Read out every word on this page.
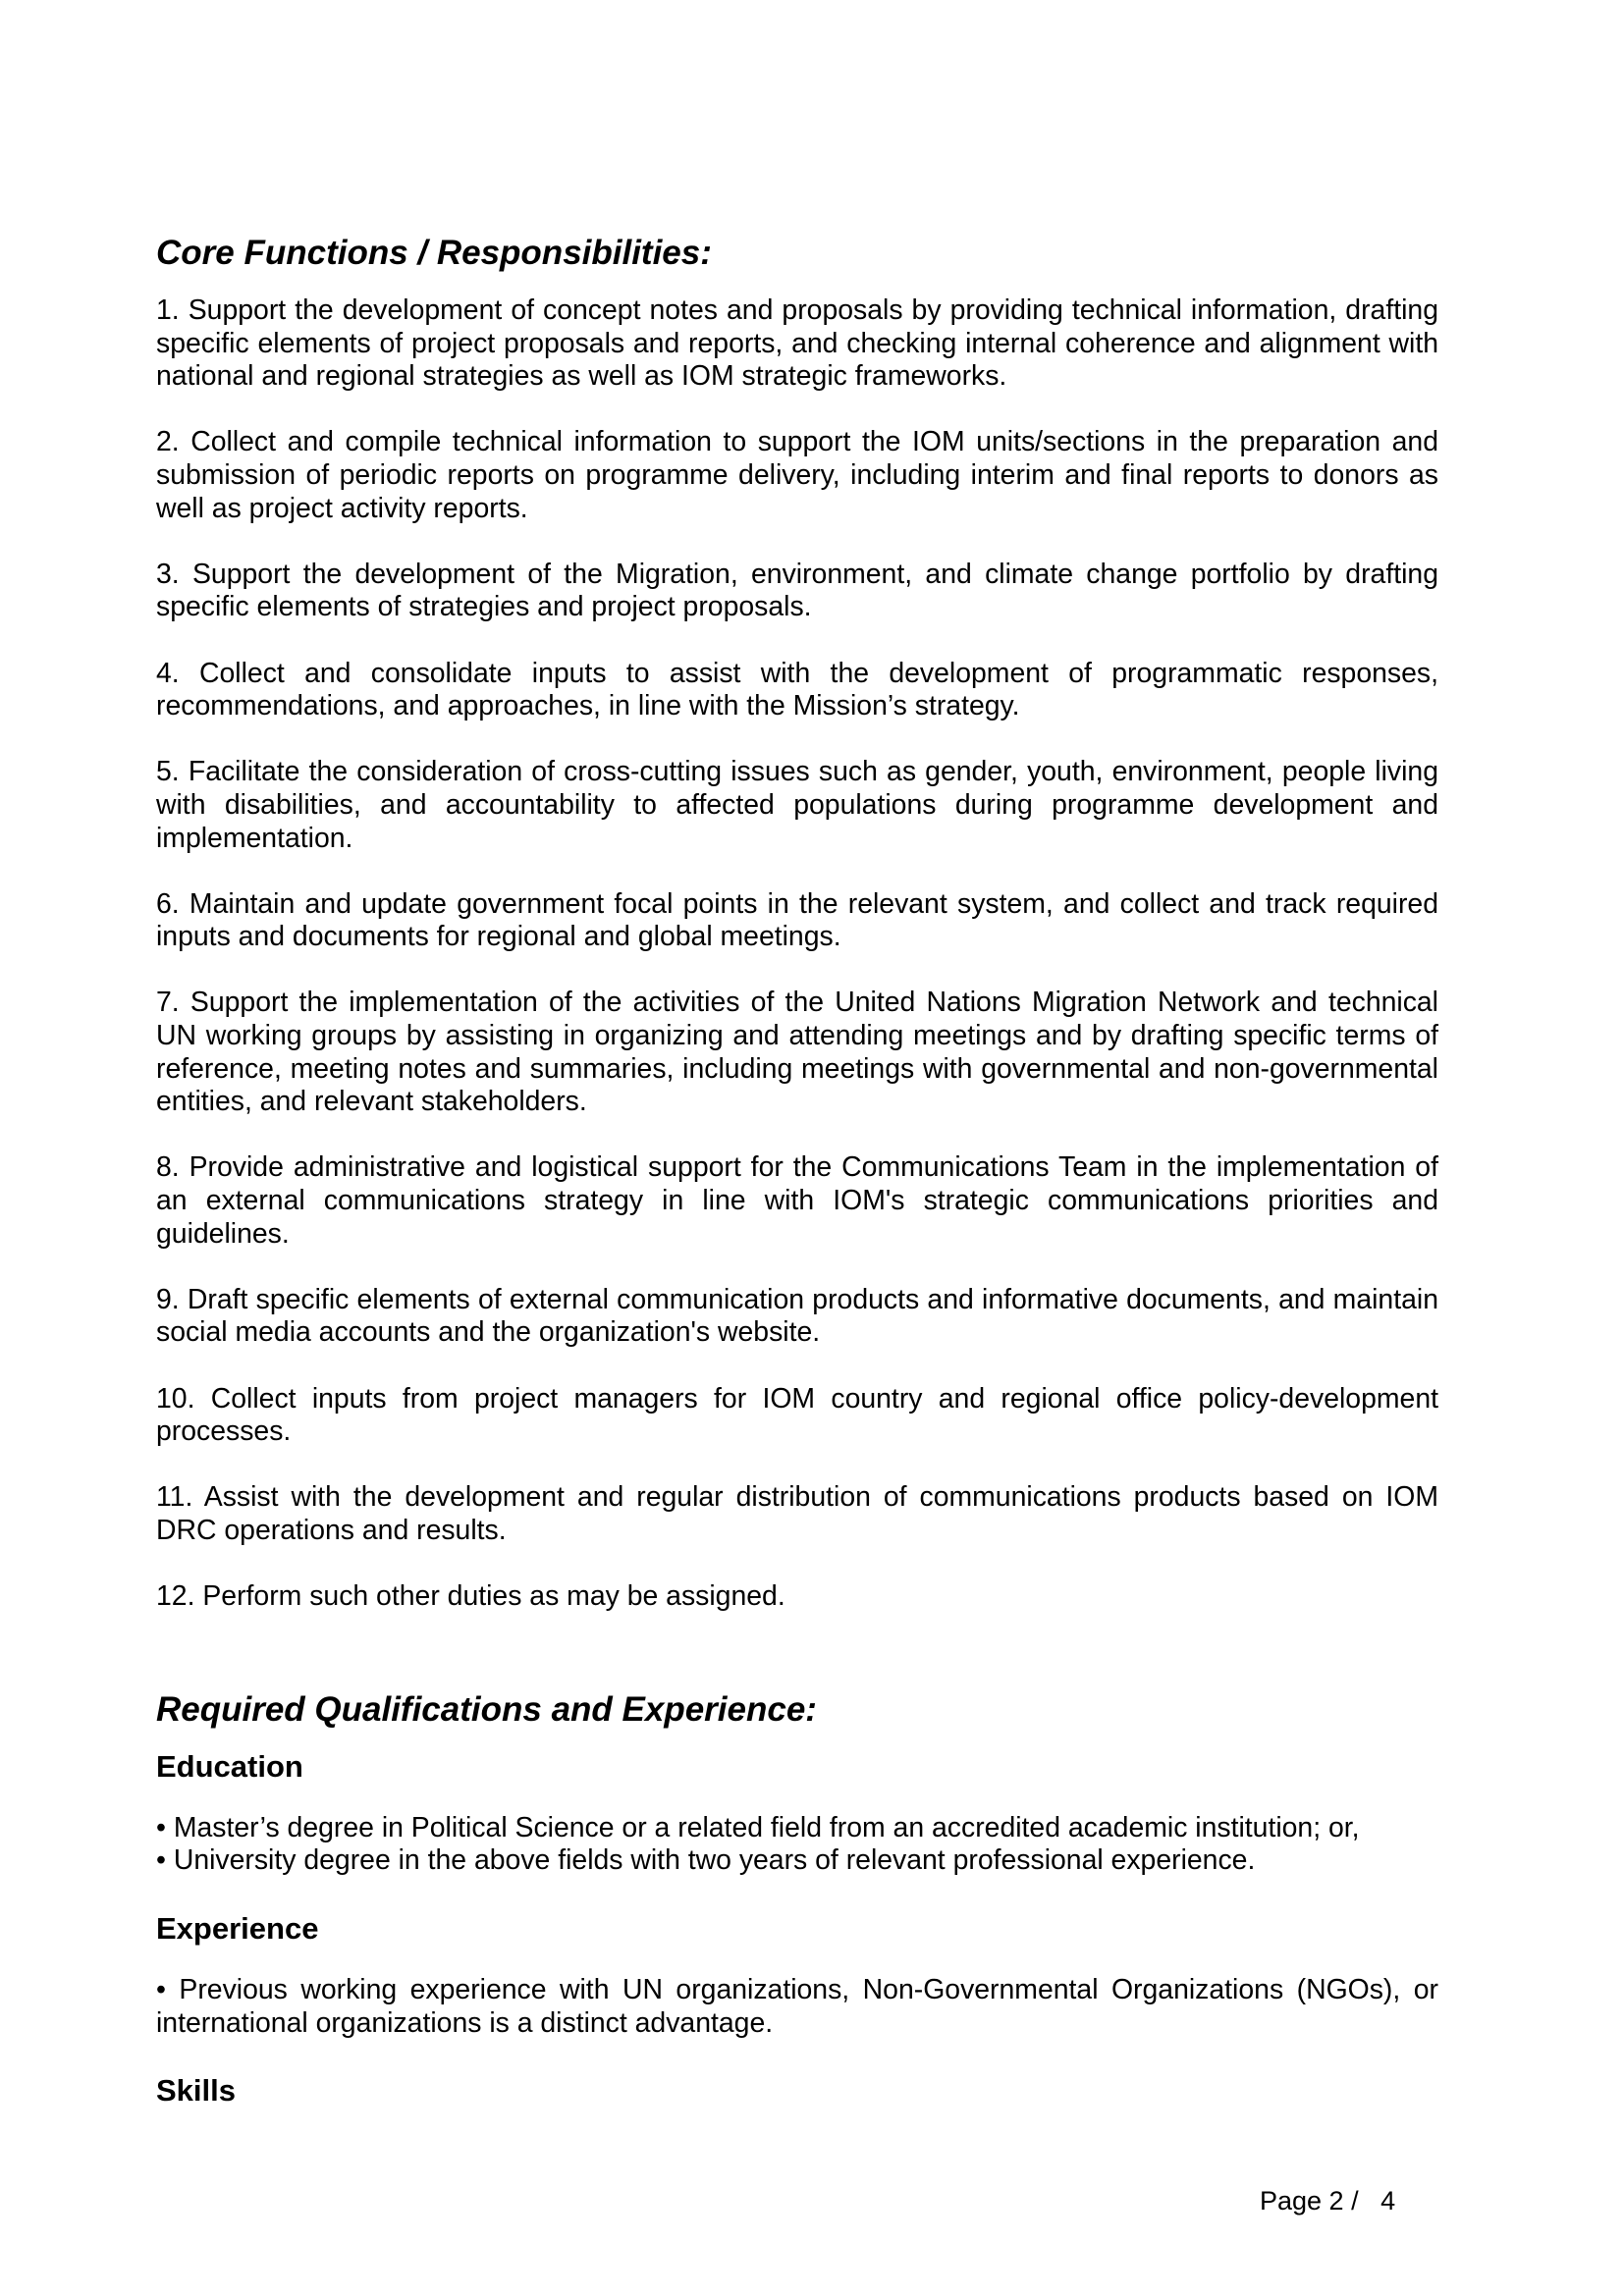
Core Functions / Responsibilities:

1. Support the development of concept notes and proposals by providing technical information, drafting specific elements of project proposals and reports, and checking internal coherence and alignment with national and regional strategies as well as IOM strategic frameworks.

2. Collect and compile technical information to support the IOM units/sections in the preparation and submission of periodic reports on programme delivery, including interim and final reports to donors as well as project activity reports.

3. Support the development of the Migration, environment, and climate change portfolio by drafting specific elements of strategies and project proposals.

4. Collect and consolidate inputs to assist with the development of programmatic responses, recommendations, and approaches, in line with the Mission’s strategy.

5. Facilitate the consideration of cross-cutting issues such as gender, youth, environment, people living with disabilities, and accountability to affected populations during programme development and implementation.

6. Maintain and update government focal points in the relevant system, and collect and track required inputs and documents for regional and global meetings.

7. Support the implementation of the activities of the United Nations Migration Network and technical UN working groups by assisting in organizing and attending meetings and by drafting specific terms of reference, meeting notes and summaries, including meetings with governmental and non-governmental entities, and relevant stakeholders.

8. Provide administrative and logistical support for the Communications Team in the implementation of an external communications strategy in line with IOM's strategic communications priorities and guidelines.

9. Draft specific elements of external communication products and informative documents, and maintain social media accounts and the organization's website.

10. Collect inputs from project managers for IOM country and regional office policy-development processes.

11. Assist with the development and regular distribution of communications products based on IOM DRC operations and results.

12. Perform such other duties as may be assigned.

Required Qualifications and Experience:
Education
• Master’s degree in Political Science or a related field from an accredited academic institution; or,
• University degree in the above fields with two years of relevant professional experience.
Experience
• Previous working experience with UN organizations, Non-Governmental Organizations (NGOs), or international organizations is a distinct advantage.
Skills
Page 2 /   4
